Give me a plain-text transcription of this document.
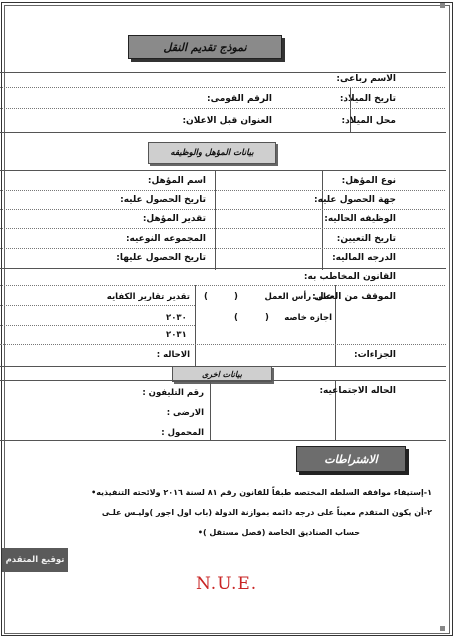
نموذج تقديم النقل
الاسم رباعى:
تاريخ الميلاد:
الرقم القومى:
محل الميلاد:
العنوان قبل الاعلان:
بيانات المؤهل والوظيفه
نوع المؤهل:
اسم المؤهل:
جهة الحصول عليه:
تاريخ الحصول عليه:
الوظيفه الحاليه:
تقدير المؤهل:
تاريخ التعيين:
المجموعه النوعيه:
الدرجه الماليه:
تاريخ الحصول عليها:
القانون المخاطب به:
الموقف من العمل:
على رأس العمل
(
)
اجازه خاصه
(
)
تقدير تقارير الكفايه
٢٠٣٠
٢٠٣١
الجزاءات:
الاحاله :
بيانات اخرى
الحاله الاجتماعيه:
رقم التليفون :
الارضى :
المحمول :
الاشتراطات
١-إستيفاء موافقه السلطه المختصه طبقاً للقانون رقم ٨١ لسنة ٢٠١٦ ولائحته التنفيذيه•
٢-أن يكون المتقدم معيناً على درجه دائمه بموازنة الدولة (باب اول اجور )وليـس علـى
حساب الصناديق الخاصة (فصل مستقل )•
توقيع المتقدم
N.U.E.
